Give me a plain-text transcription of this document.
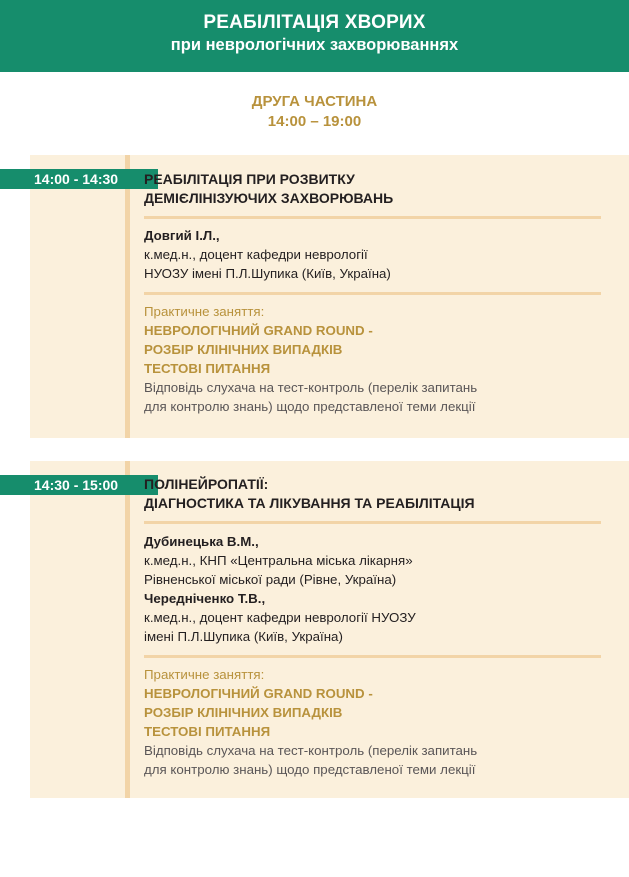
РЕАБІЛІТАЦІЯ ХВОРИХ
при неврологічних захворюваннях
ДРУГА ЧАСТИНА
14:00 – 19:00
14:00 - 14:30	РЕАБІЛІТАЦІЯ ПРИ РОЗВИТКУ
ДЕМІЄЛІНІЗУЮЧИХ ЗАХВОРЮВАНЬ
Довгий І.Л.,
к.мед.н., доцент кафедри неврології
НУОЗУ імені П.Л.Шупика (Київ, Україна)
Практичне заняття:
НЕВРОЛОГІЧНИЙ GRAND ROUND -
РОЗБІР КЛІНІЧНИХ ВИПАДКІВ
ТЕСТОВІ ПИТАННЯ
Відповідь слухача на тест-контроль (перелік запитань
для контролю знань) щодо представленої теми лекції
14:30 - 15:00	ПОЛІНЕЙРОПАТІЇ:
ДІАГНОСТИКА ТА ЛІКУВАННЯ ТА РЕАБІЛІТАЦІЯ
Дубинецька В.М.,
к.мед.н., КНП «Центральна міська лікарня»
Рівненської міської ради (Рівне, Україна)
Чередніченко Т.В.,
к.мед.н., доцент кафедри неврології НУОЗУ
імені П.Л.Шупика (Київ, Україна)
Практичне заняття:
НЕВРОЛОГІЧНИЙ GRAND ROUND -
РОЗБІР КЛІНІЧНИХ ВИПАДКІВ
ТЕСТОВІ ПИТАННЯ
Відповідь слухача на тест-контроль (перелік запитань
для контролю знань) щодо представленої теми лекції
